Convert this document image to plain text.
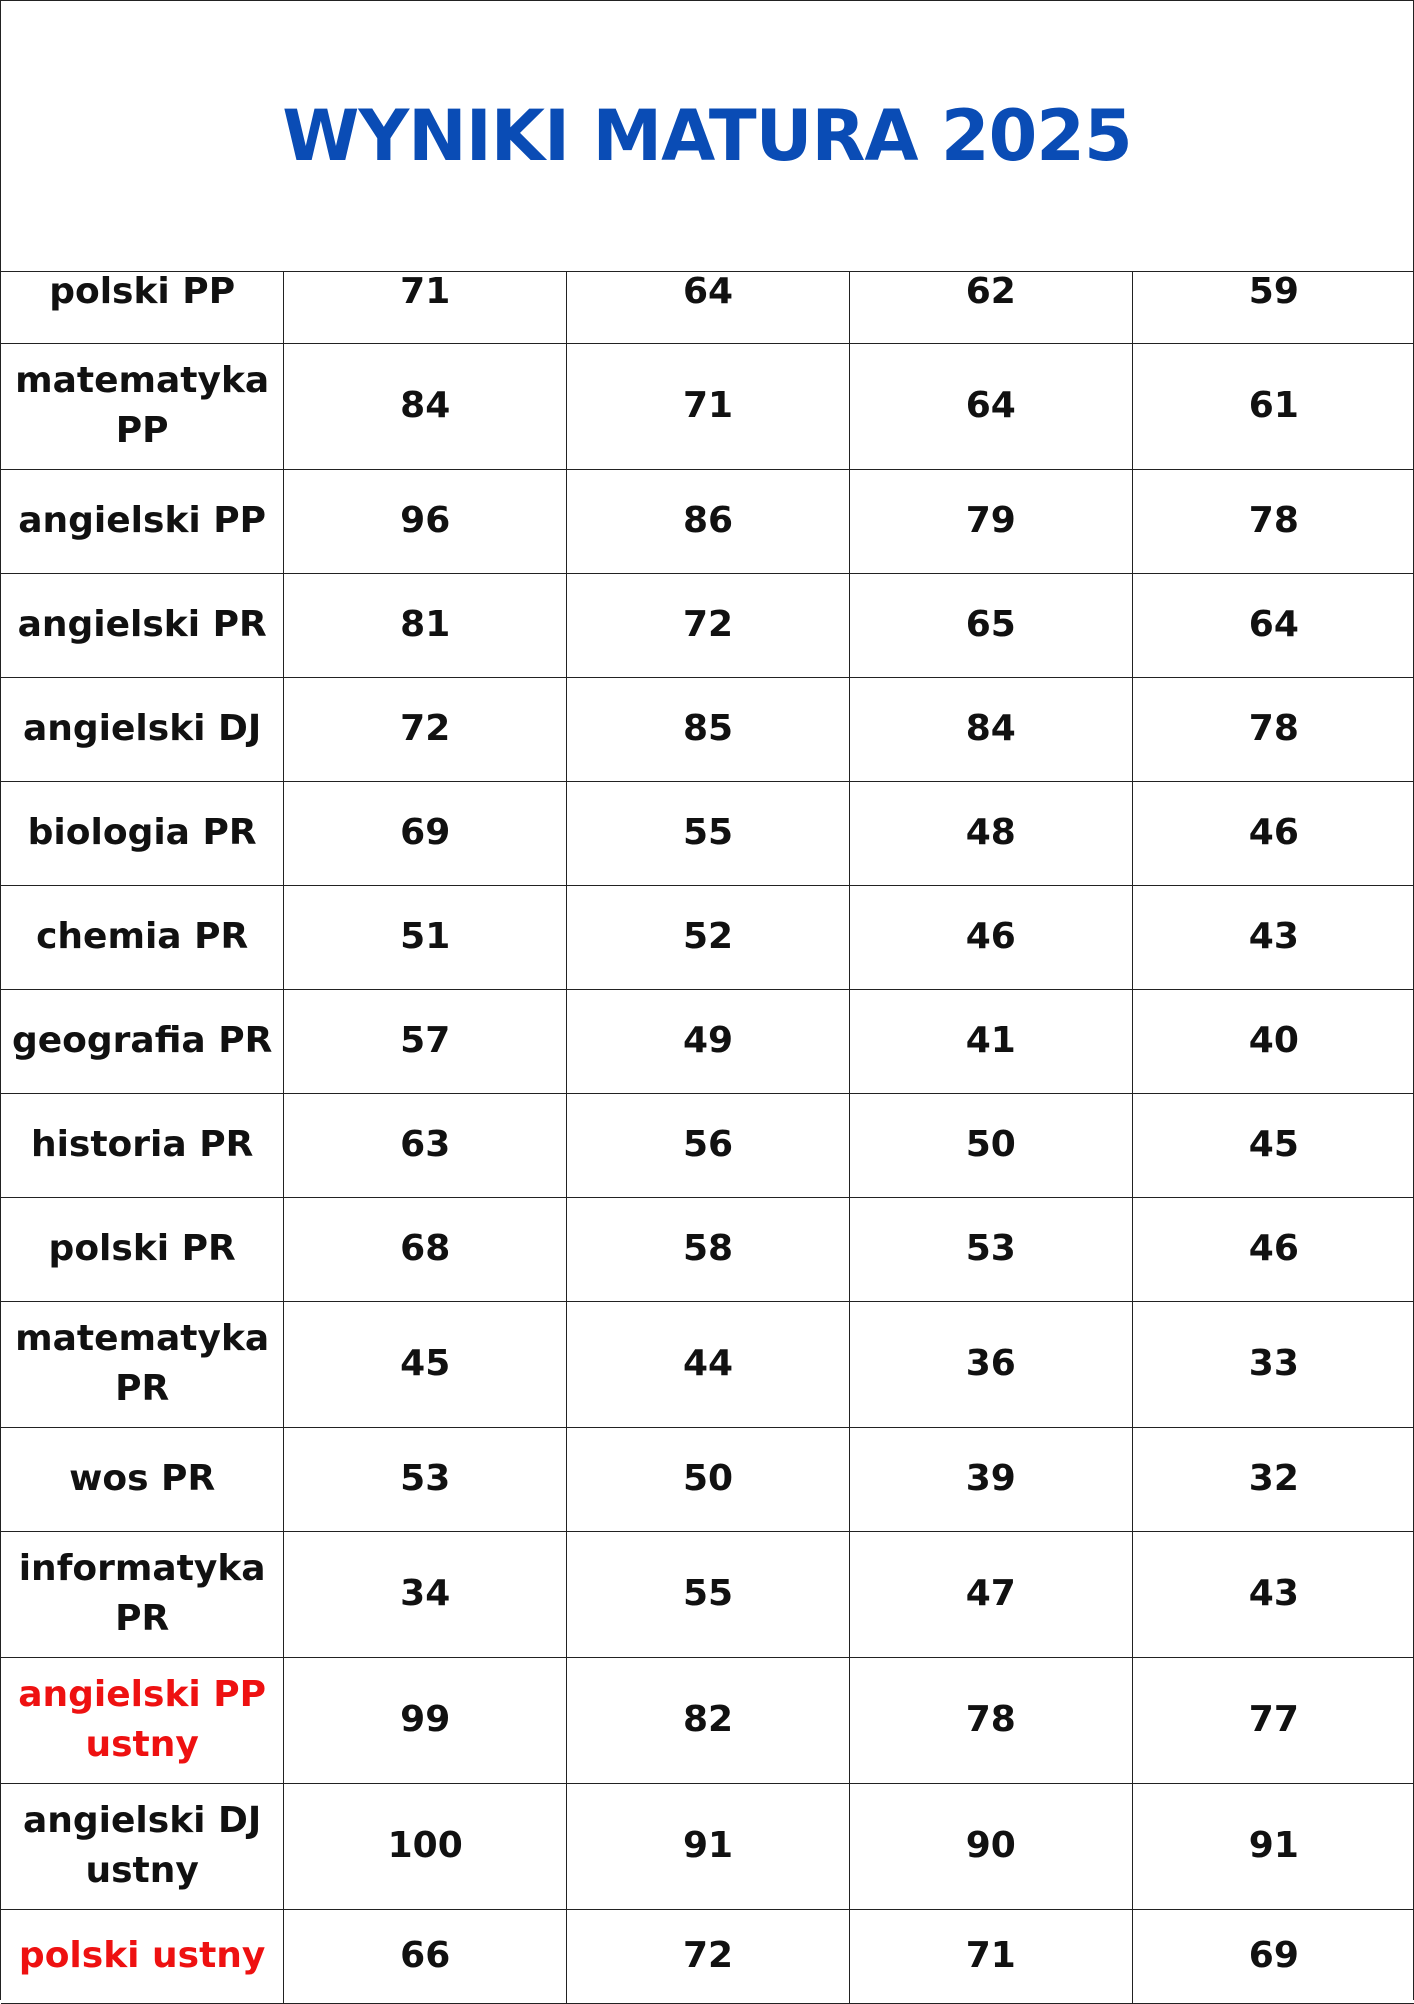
WYNIKI MATURA 2025
polski PP	71	64	62	59
matematyka PP	84	71	64	61
angielski PP	96	86	79	78
angielski PR	81	72	65	64
angielski DJ	72	85	84	78
biologia PR	69	55	48	46
chemia PR	51	52	46	43
geografia PR	57	49	41	40
historia PR	63	56	50	45
polski PR	68	58	53	46
matematyka PR	45	44	36	33
wos PR	53	50	39	32
informatyka PR	34	55	47	43
angielski PP ustny	99	82	78	77
angielski DJ ustny	100	91	90	91
polski ustny	66	72	71	69
